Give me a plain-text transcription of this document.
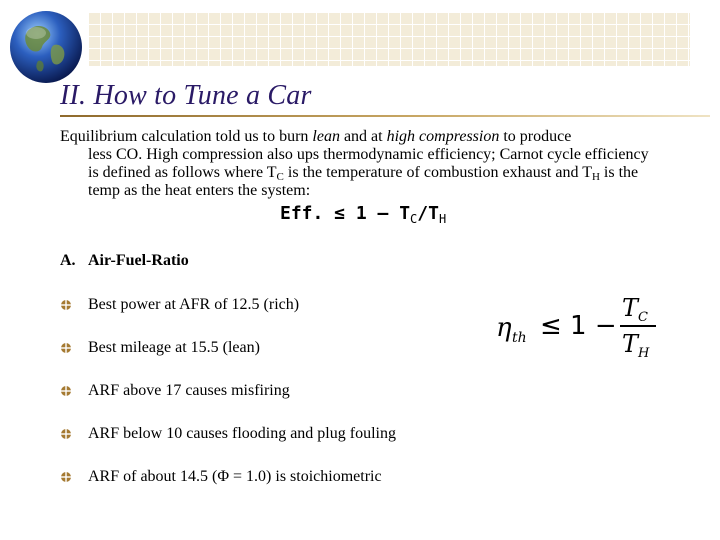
II. How to Tune a Car

Equilibrium calculation told us to burn lean and at high compression to produce
less CO. High compression also ups thermodynamic efficiency; Carnot cycle efficiency is defined as follows where $T_C$ is the temperature of combustion exhaust and $T_H$ is the temp as the heat enters the system:

Eff. ≤ $1 - T_C/T_H$
A. Air-Fuel-Ratio
Best power at AFR of 12.5 (rich)
Best mileage at 15.5 (lean)
ARF above 17 causes misfiring
ARF below 10 causes flooding and plug fouling
ARF of about 14.5 (Φ = 1.0) is stoichiometric
η th ≤ 1 −
T C
T H
